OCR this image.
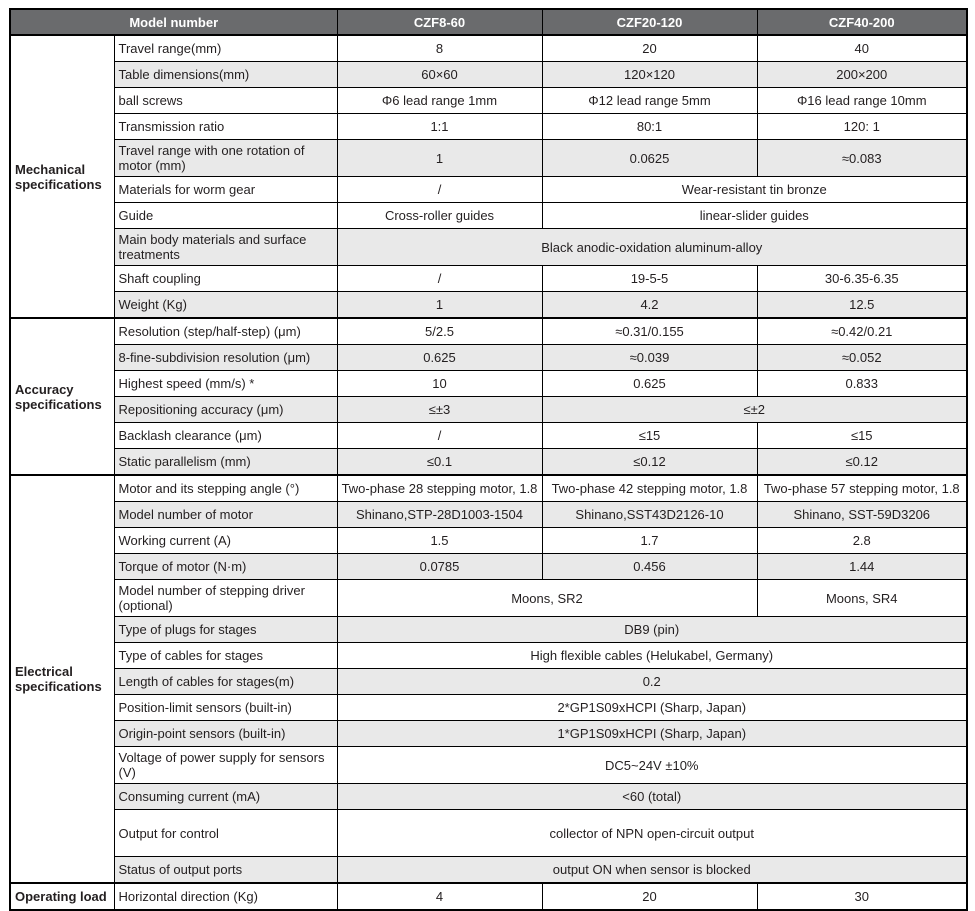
Model number		CZF8-60	CZF20-120	CZF40-200
Mechanical specifications	Travel range(mm)	8	20	40
	Table dimensions(mm)	60×60	120×120	200×200
	ball screws	Φ6 lead range 1mm	Φ12 lead range 5mm	Φ16 lead range 10mm
	Transmission ratio	1:1	80:1	120: 1
	Travel range with one rotation of motor (mm)	1	0.0625	≈0.083
	Materials for worm gear	/	Wear-resistant tin bronze	
	Guide	Cross-roller guides	linear-slider guides	
	Main body materials and surface treatments	Black anodic-oxidation aluminum-alloy		
	Shaft coupling	/	19-5-5	30-6.35-6.35
	Weight (Kg)	1	4.2	12.5
Accuracy specifications	Resolution (step/half-step) (μm)	5/2.5	≈0.31/0.155	≈0.42/0.21
	8-fine-subdivision resolution (μm)	0.625	≈0.039	≈0.052
	Highest speed (mm/s) *	10	0.625	0.833
	Repositioning accuracy (μm)	≤±3	≤±2	
	Backlash clearance (μm)	/	≤15	≤15
	Static parallelism (mm)	≤0.1	≤0.12	≤0.12
Electrical specifications	Motor and its stepping angle (°)	Two-phase 28 stepping motor, 1.8	Two-phase 42 stepping motor, 1.8	Two-phase 57 stepping motor, 1.8
	Model number of motor	Shinano,STP-28D1003-1504	Shinano,SST43D2126-10	Shinano, SST-59D3206
	Working current (A)	1.5	1.7	2.8
	Torque of motor (N·m)	0.0785	0.456	1.44
	Model number of stepping driver (optional)	Moons, SR2		Moons, SR4
	Type of plugs for stages	DB9 (pin)		
	Type of cables for stages	High flexible cables (Helukabel, Germany)		
	Length of cables for stages(m)	0.2		
	Position-limit sensors (built-in)	2*GP1S09xHCPI (Sharp, Japan)		
	Origin-point sensors (built-in)	1*GP1S09xHCPI (Sharp, Japan)		
	Voltage of power supply for sensors (V)	DC5~24V ±10%		
	Consuming current (mA)	<60 (total)		
	Output for control	collector of NPN open-circuit output		
	Status of output ports	output ON when sensor is blocked		
Operating load	Horizontal direction (Kg)	4	20	30
